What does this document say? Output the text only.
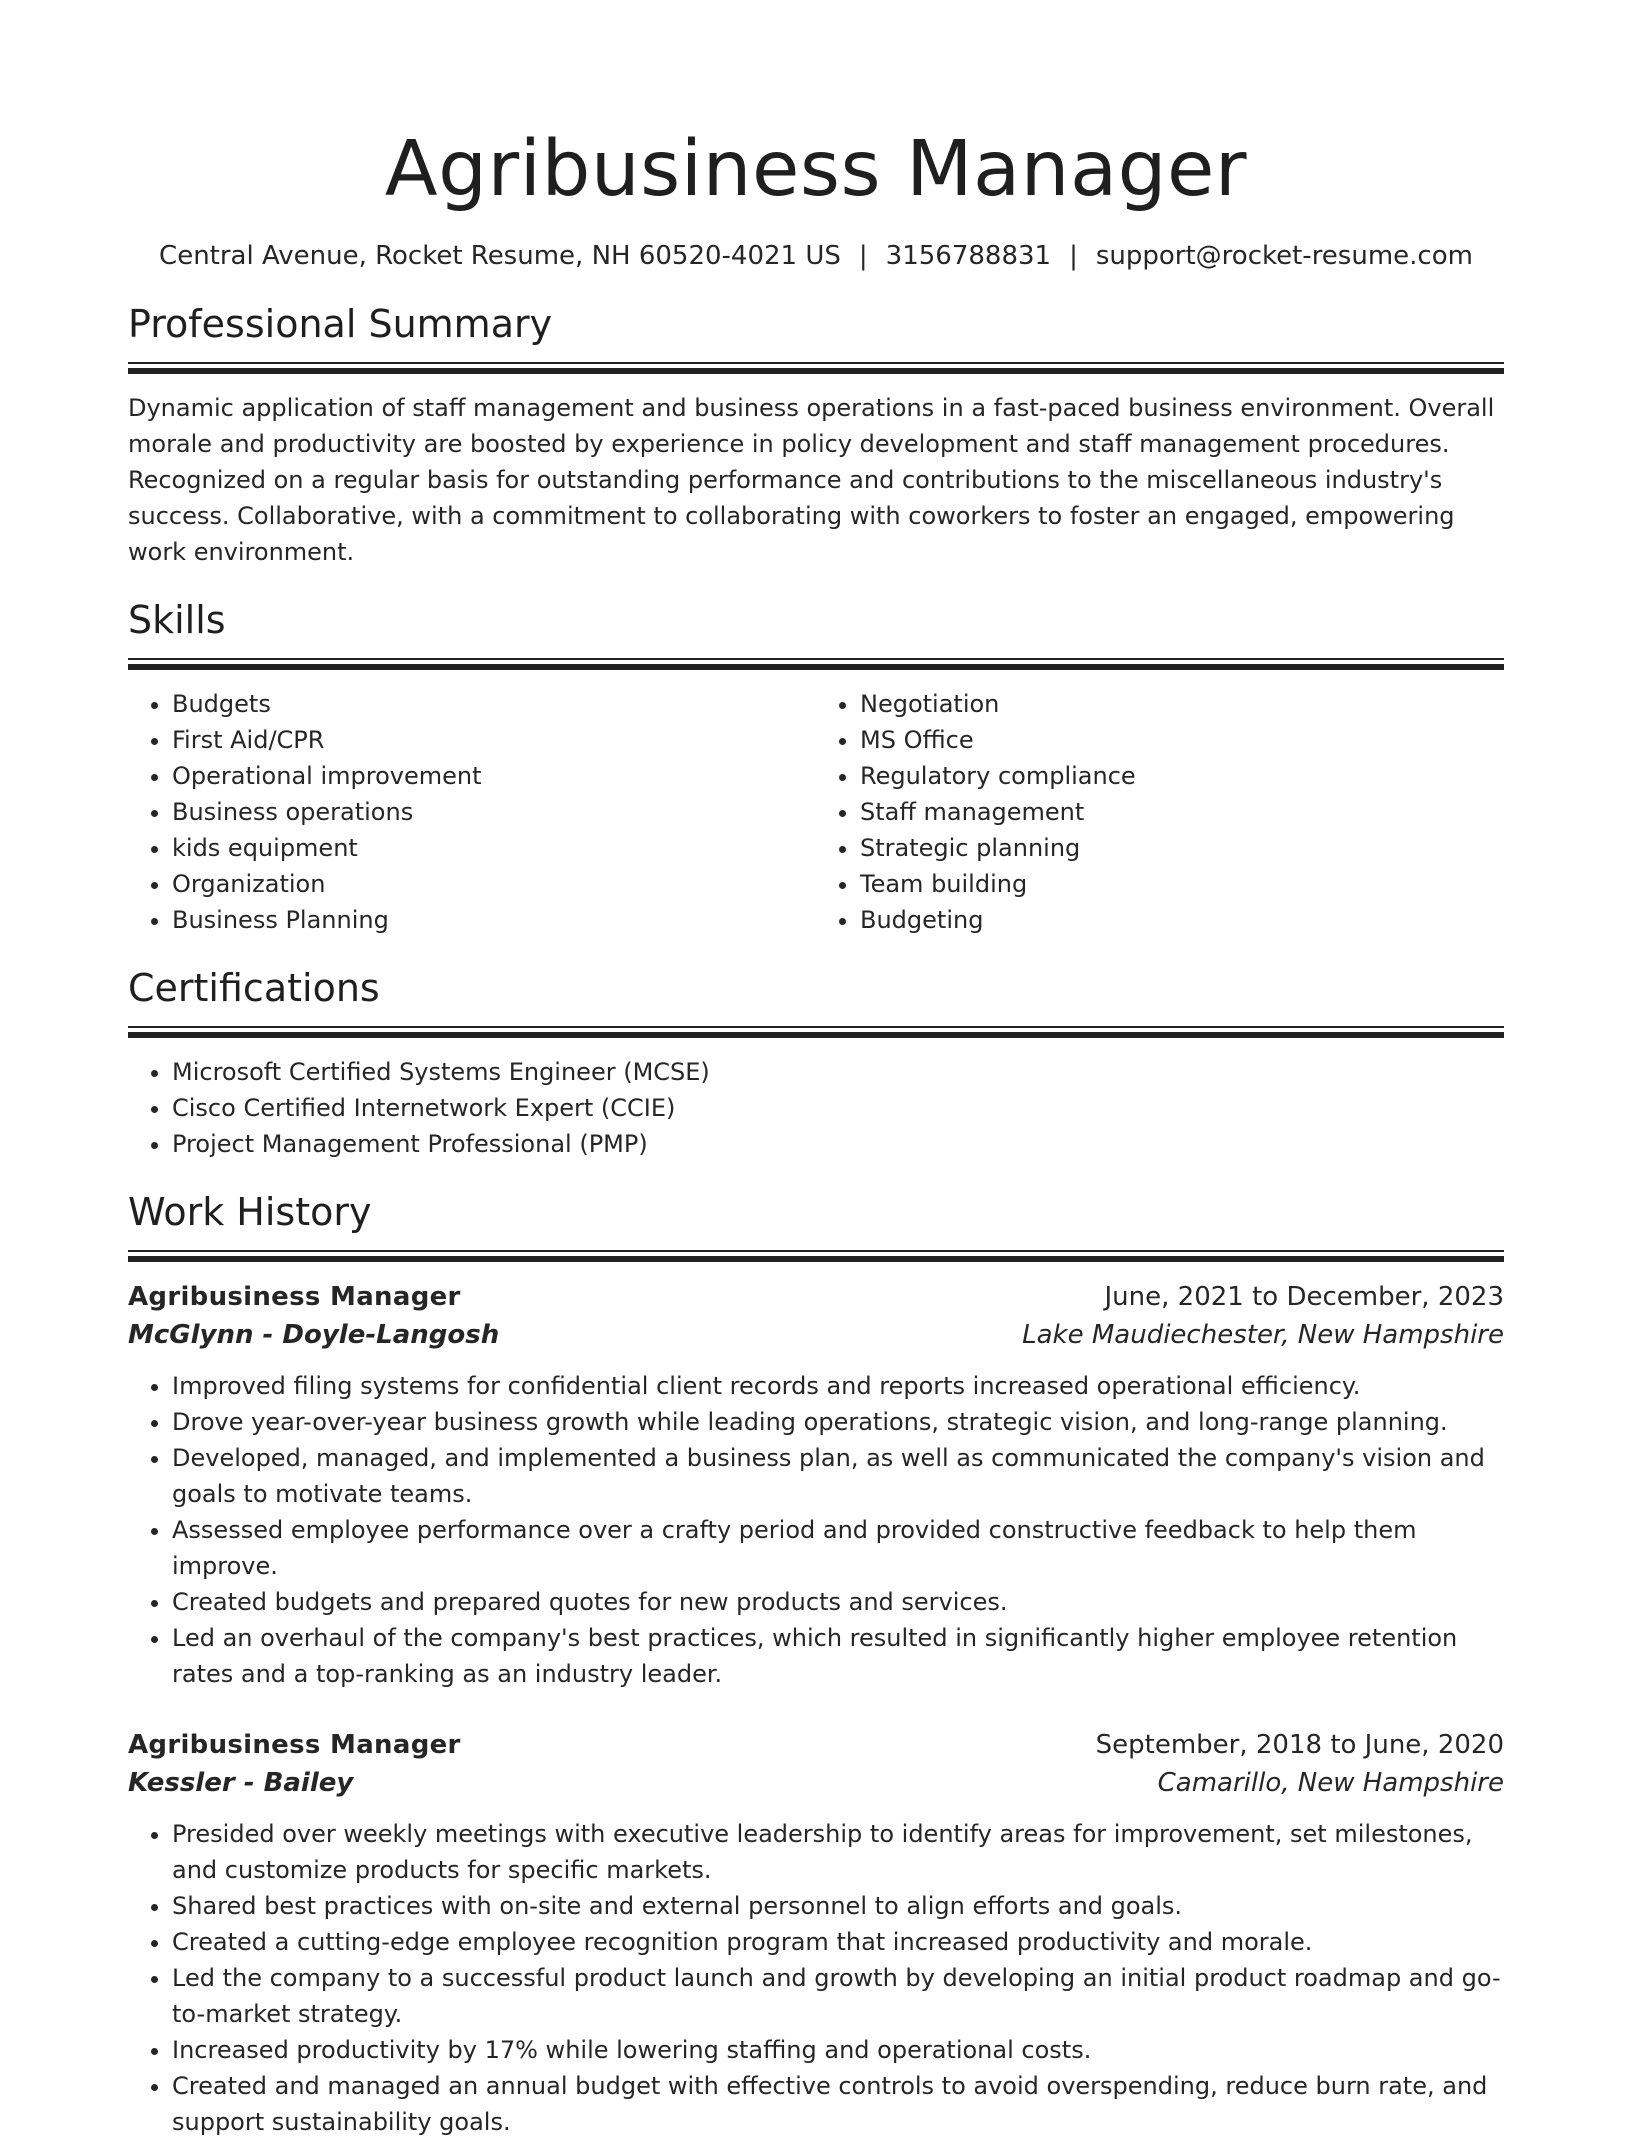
Agribusiness Manager
Central Avenue, Rocket Resume, NH 60520-4021 US | 3156788831 | support@rocket-resume.com
Professional Summary

Dynamic application of staff management and business operations in a fast-paced business environment. Overall morale and productivity are boosted by experience in policy development and staff management procedures. Recognized on a regular basis for outstanding performance and contributions to the miscellaneous industry's success. Collaborative, with a commitment to collaborating with coworkers to foster an engaged, empowering work environment.

Skills
• Budgets
• First Aid/CPR
• Operational improvement
• Business operations
• kids equipment
• Organization
• Business Planning
• Negotiation
• MS Office
• Regulatory compliance
• Staff management
• Strategic planning
• Team building
• Budgeting
Certifications
• Microsoft Certified Systems Engineer (MCSE)
• Cisco Certified Internetwork Expert (CCIE)
• Project Management Professional (PMP)
Work History
Agribusiness Manager	June, 2021 to December, 2023
McGlynn - Doyle-Langosh	Lake Maudiechester, New Hampshire
• Improved filing systems for confidential client records and reports increased operational efficiency.
• Drove year-over-year business growth while leading operations, strategic vision, and long-range planning.
• Developed, managed, and implemented a business plan, as well as communicated the company's vision and goals to motivate teams.
• Assessed employee performance over a crafty period and provided constructive feedback to help them improve.
• Created budgets and prepared quotes for new products and services.
• Led an overhaul of the company's best practices, which resulted in significantly higher employee retention rates and a top-ranking as an industry leader.
Agribusiness Manager	September, 2018 to June, 2020
Kessler - Bailey	Camarillo, New Hampshire
• Presided over weekly meetings with executive leadership to identify areas for improvement, set milestones, and customize products for specific markets.
• Shared best practices with on-site and external personnel to align efforts and goals.
• Created a cutting-edge employee recognition program that increased productivity and morale.
• Led the company to a successful product launch and growth by developing an initial product roadmap and go-to-market strategy.
• Increased productivity by 17% while lowering staffing and operational costs.
• Created and managed an annual budget with effective controls to avoid overspending, reduce burn rate, and support sustainability goals.
